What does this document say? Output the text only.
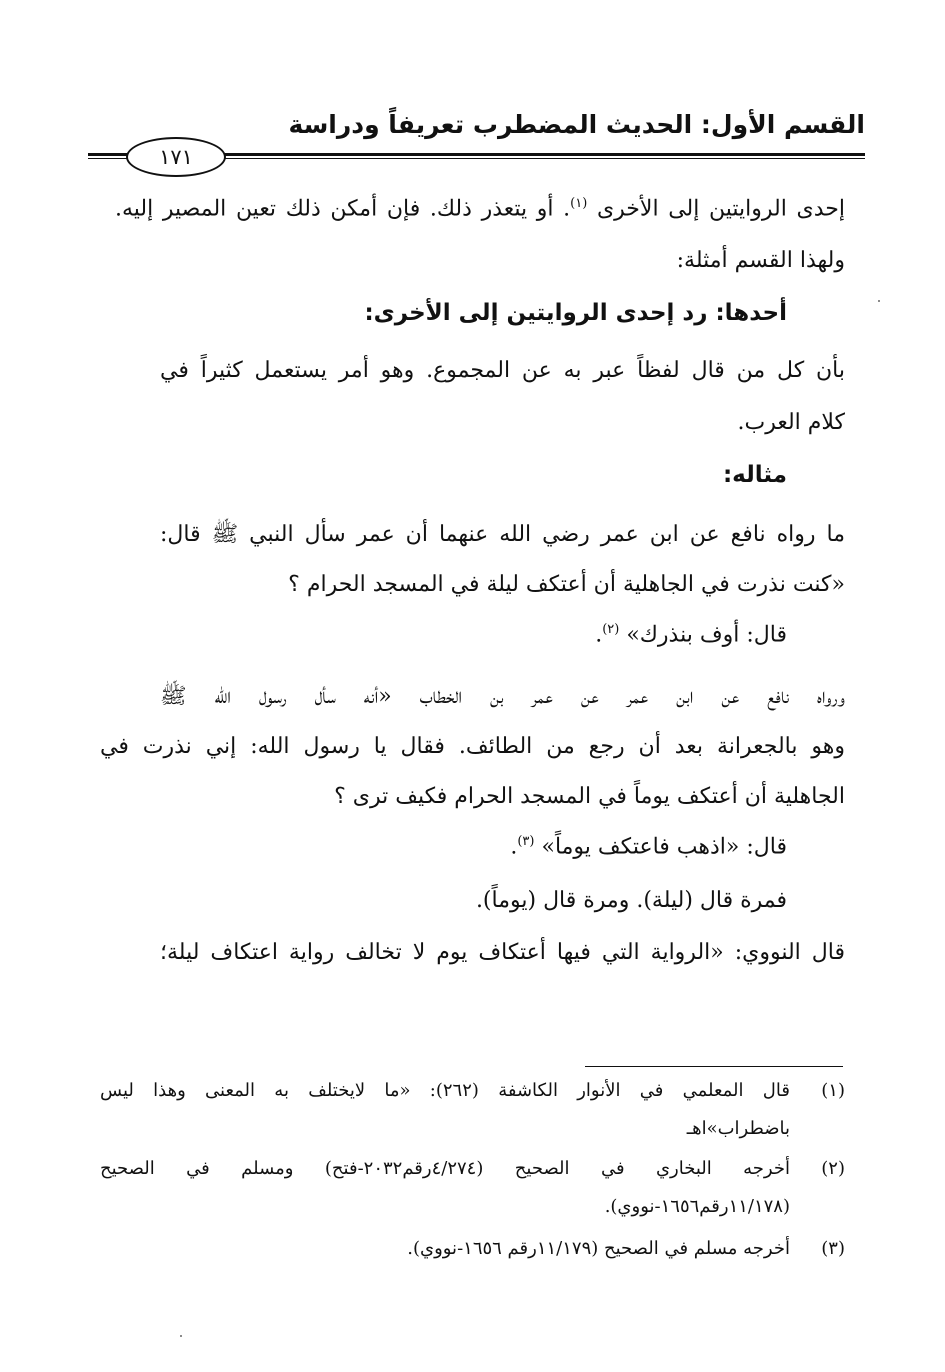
القسم الأول: الحديث المضطرب تعريفاً ودراسة
١٧١
إحدى الروايتين إلى الأخرى $^{(١)}$. أو يتعذر ذلك. فإن أمكن ذلك تعين المصير إليه.
ولهذا القسم أمثلة:
أحدها: رد إحدى الروايتين إلى الأخرى:
بأن كل من قال لفظاً عبر به عن المجموع. وهو أمر يستعمل كثيراً في
كلام العرب.
مثاله:
ما رواه نافع عن ابن عمر رضي الله عنهما أن عمر سأل النبي ﷺ قال:
«كنت نذرت في الجاهلية أن أعتكف ليلة في المسجد الحرام ؟
قال: أوف بنذرك» $^{(٢)}$.
ورواه نافع عن ابن عمر عن عمر بن الخطاب «أنه سأل رسول الله ﷺ
وهو بالجعرانة بعد أن رجع من الطائف. فقال يا رسول الله: إني نذرت في
الجاهلية أن أعتكف يوماً في المسجد الحرام فكيف ترى ؟
قال: «اذهب فاعتكف يوماً» $^{(٣)}$.
فمرة قال (ليلة). ومرة قال (يوماً).
قال النووي: «الرواية التي فيها أعتكاف يوم لا تخالف رواية اعتكاف ليلة؛
(١)
قال المعلمي في الأنوار الكاشفة (٢٦٢): «ما لايختلف به المعنى وهذا ليس
باضطراب»اهـ
(٢)
أخرجه البخاري في الصحيح (٤/٢٧٤رقم٢٠٣٢-فتح) ومسلم في الصحيح
(١١/١٧٨رقم١٦٥٦-نووي).
(٣)
أخرجه مسلم في الصحيح (١١/١٧٩رقم ١٦٥٦-نووي).
